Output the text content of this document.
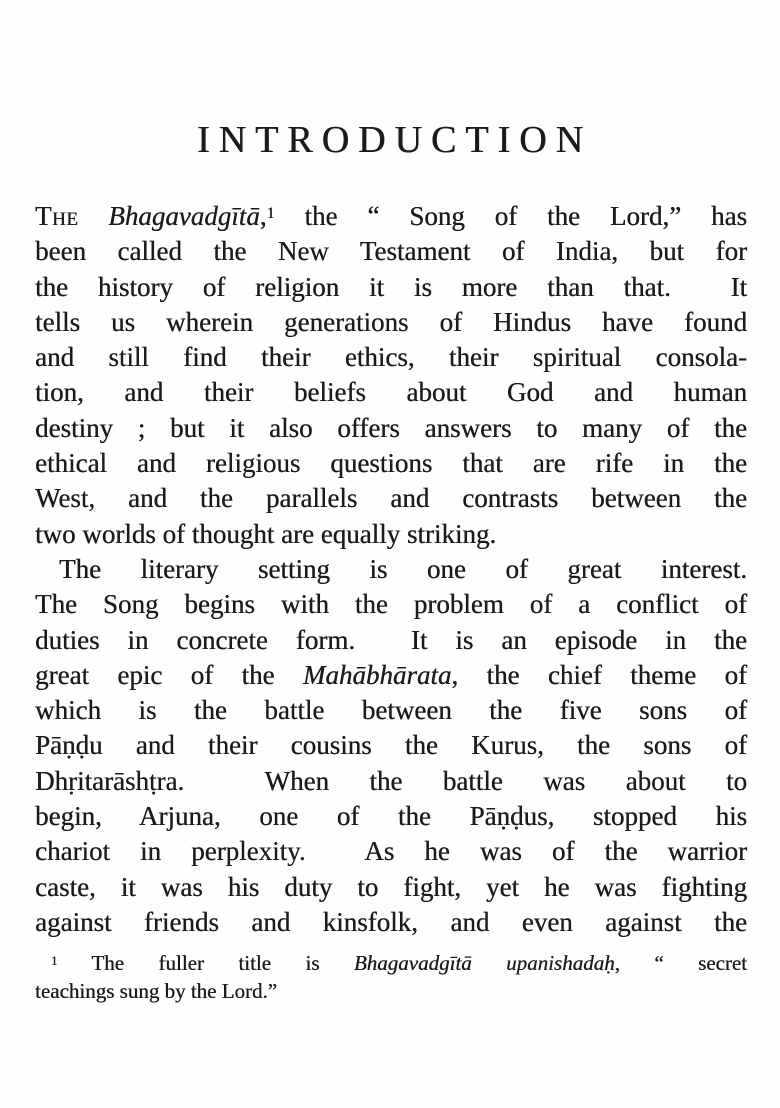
INTRODUCTION
The Bhagavadgītā,$^1$ the “ Song of the Lord,” has
been called the New Testament of India, but for
the history of religion it is more than that.  It
tells us wherein generations of Hindus have found
and still find their ethics, their spiritual consola-
tion, and their beliefs about God and human
destiny ; but it also offers answers to many of the
ethical and religious questions that are rife in the
West, and the parallels and contrasts between the
two worlds of thought are equally striking.
The literary setting is one of great interest.
The Song begins with the problem of a conflict of
duties in concrete form.  It is an episode in the
great epic of the Mahābhārata, the chief theme of
which is the battle between the five sons of
Pāṇḍu and their cousins the Kurus, the sons of
Dhṛitarāshṭra.  When the battle was about to
begin, Arjuna, one of the Pāṇḍus, stopped his
chariot in perplexity.  As he was of the warrior
caste, it was his duty to fight, yet he was fighting
against friends and kinsfolk, and even against the
$^1$ The fuller title is Bhagavadgītā upanishadaḥ, “ secret
teachings sung by the Lord.”
